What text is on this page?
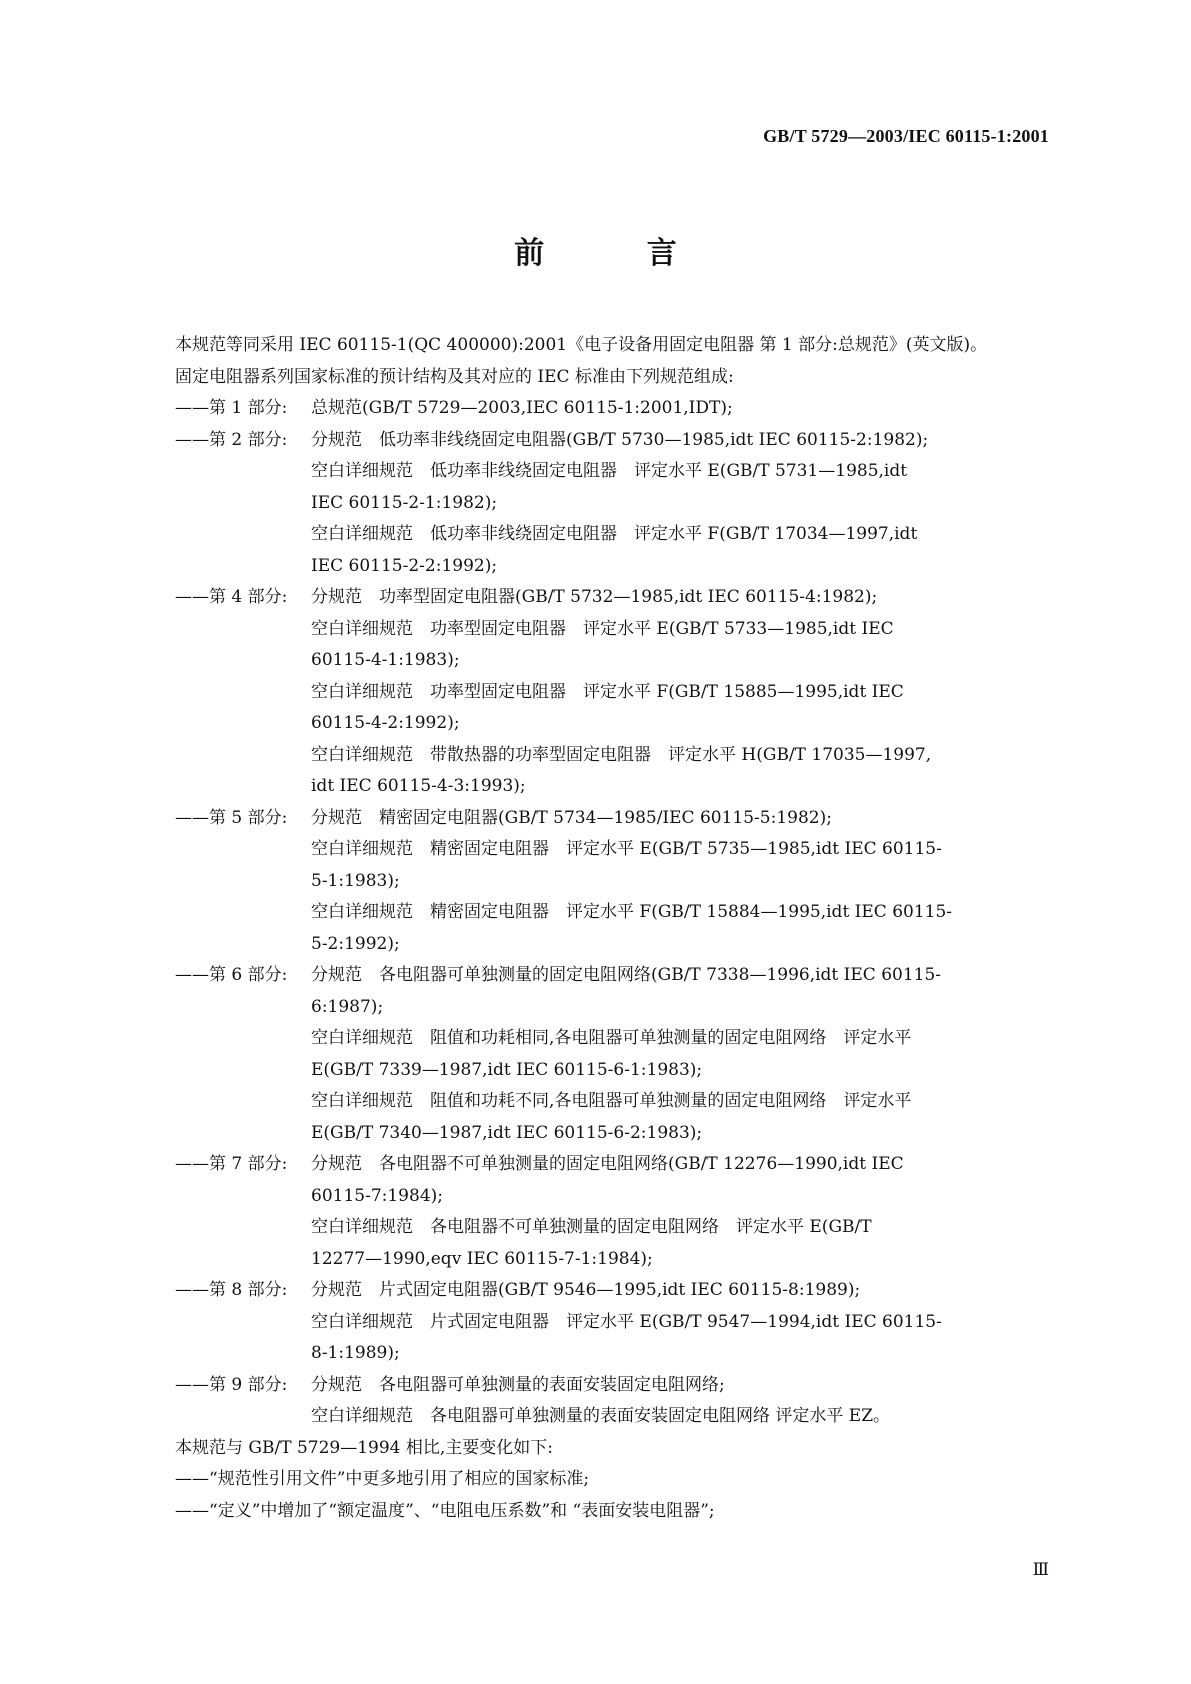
GB/T 5729—2003/IEC 60115-1:2001
前 言

本规范等同采用 IEC 60115-1(QC 400000):2001《电子设备用固定电阻器 第 1 部分:总规范》(英文版)。

固定电阻器系列国家标准的预计结构及其对应的 IEC 标准由下列规范组成:

——第 1 部分: 总规范(GB/T 5729—2003,IEC 60115-1:2001,IDT);
——第 2 部分: 分规范　低功率非线绕固定电阻器(GB/T 5730—1985,idt IEC 60115-2:1982);
空白详细规范　低功率非线绕固定电阻器　评定水平 E(GB/T 5731—1985,idt
IEC 60115-2-1:1982);
空白详细规范　低功率非线绕固定电阻器　评定水平 F(GB/T 17034—1997,idt
IEC 60115-2-2:1992);
——第 4 部分: 分规范　功率型固定电阻器(GB/T 5732—1985,idt IEC 60115-4:1982);
空白详细规范　功率型固定电阻器　评定水平 E(GB/T 5733—1985,idt IEC
60115-4-1:1983);
空白详细规范　功率型固定电阻器　评定水平 F(GB/T 15885—1995,idt IEC
60115-4-2:1992);
空白详细规范　带散热器的功率型固定电阻器　评定水平 H(GB/T 17035—1997,
idt IEC 60115-4-3:1993);
——第 5 部分: 分规范　精密固定电阻器(GB/T 5734—1985/IEC 60115-5:1982);
空白详细规范　精密固定电阻器　评定水平 E(GB/T 5735—1985,idt IEC 60115-
5-1:1983);
空白详细规范　精密固定电阻器　评定水平 F(GB/T 15884—1995,idt IEC 60115-
5-2:1992);
——第 6 部分: 分规范　各电阻器可单独测量的固定电阻网络(GB/T 7338—1996,idt IEC 60115-
6:1987);
空白详细规范　阻值和功耗相同,各电阻器可单独测量的固定电阻网络　评定水平
E(GB/T 7339—1987,idt IEC 60115-6-1:1983);
空白详细规范　阻值和功耗不同,各电阻器可单独测量的固定电阻网络　评定水平
E(GB/T 7340—1987,idt IEC 60115-6-2:1983);
——第 7 部分: 分规范　各电阻器不可单独测量的固定电阻网络(GB/T 12276—1990,idt IEC
60115-7:1984);
空白详细规范　各电阻器不可单独测量的固定电阻网络　评定水平 E(GB/T
12277—1990,eqv IEC 60115-7-1:1984);
——第 8 部分: 分规范　片式固定电阻器(GB/T 9546—1995,idt IEC 60115-8:1989);
空白详细规范　片式固定电阻器　评定水平 E(GB/T 9547—1994,idt IEC 60115-
8-1:1989);
——第 9 部分: 分规范　各电阻器可单独测量的表面安装固定电阻网络;
空白详细规范　各电阻器可单独测量的表面安装固定电阻网络 评定水平 EZ。

本规范与 GB/T 5729—1994 相比,主要变化如下:

——“规范性引用文件”中更多地引用了相应的国家标准;

——“定义”中增加了“额定温度”、“电阻电压系数”和 “表面安装电阻器”;

Ⅲ
